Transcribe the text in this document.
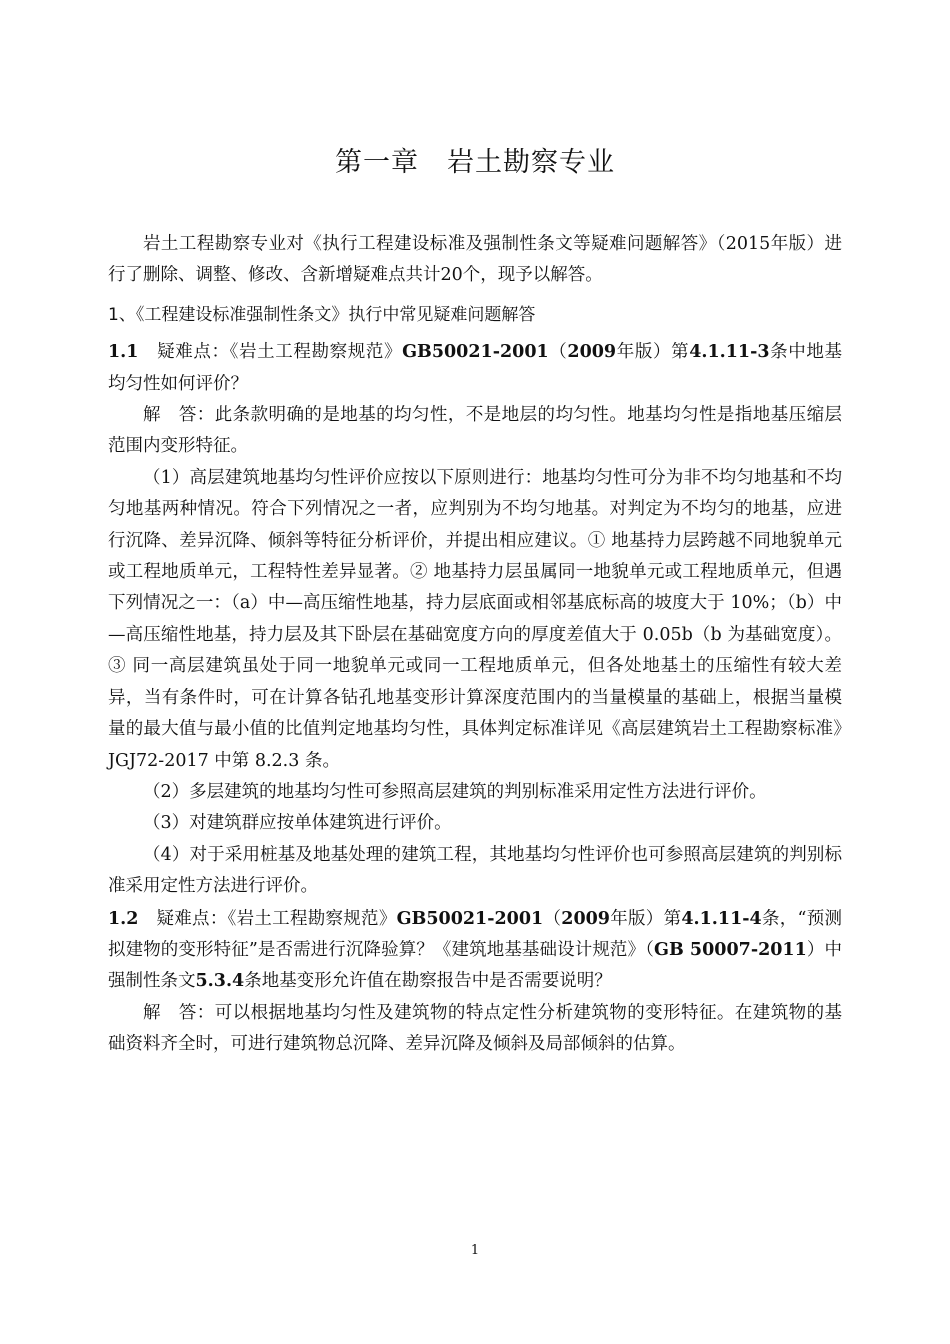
第一章　岩土勘察专业

岩土工程勘察专业对《执行工程建设标准及强制性条文等疑难问题解答》（2015年版）进行了删除、调整、修改、含新增疑难点共计20个，现予以解答。

1、《工程建设标准强制性条文》执行中常见疑难问题解答

1.1　疑难点：《岩土工程勘察规范》GB50021-2001（2009年版）第4.1.11-3条中地基均匀性如何评价？

解　答：此条款明确的是地基的均匀性，不是地层的均匀性。地基均匀性是指地基压缩层范围内变形特征。

（1）高层建筑地基均匀性评价应按以下原则进行：地基均匀性可分为非不均匀地基和不均匀地基两种情况。符合下列情况之一者，应判别为不均匀地基。对判定为不均匀的地基，应进行沉降、差异沉降、倾斜等特征分析评价，并提出相应建议。① 地基持力层跨越不同地貌单元或工程地质单元，工程特性差异显著。② 地基持力层虽属同一地貌单元或工程地质单元，但遇下列情况之一：（a）中—高压缩性地基，持力层底面或相邻基底标高的坡度大于 10%；（b）中—高压缩性地基，持力层及其下卧层在基础宽度方向的厚度差值大于 0.05b（b 为基础宽度）。③ 同一高层建筑虽处于同一地貌单元或同一工程地质单元，但各处地基土的压缩性有较大差异，当有条件时，可在计算各钻孔地基变形计算深度范围内的当量模量的基础上，根据当量模量的最大值与最小值的比值判定地基均匀性，具体判定标准详见《高层建筑岩土工程勘察标准》JGJ72-2017 中第 8.2.3 条。

（2）多层建筑的地基均匀性可参照高层建筑的判别标准采用定性方法进行评价。

（3）对建筑群应按单体建筑进行评价。

（4）对于采用桩基及地基处理的建筑工程，其地基均匀性评价也可参照高层建筑的判别标准采用定性方法进行评价。

1.2　疑难点：《岩土工程勘察规范》GB50021-2001（2009年版）第4.1.11-4条，“预测拟建物的变形特征”是否需进行沉降验算？《建筑地基基础设计规范》（GB 50007-2011）中强制性条文5.3.4条地基变形允许值在勘察报告中是否需要说明？

解　答：可以根据地基均匀性及建筑物的特点定性分析建筑物的变形特征。在建筑物的基础资料齐全时，可进行建筑物总沉降、差异沉降及倾斜及局部倾斜的估算。

1
